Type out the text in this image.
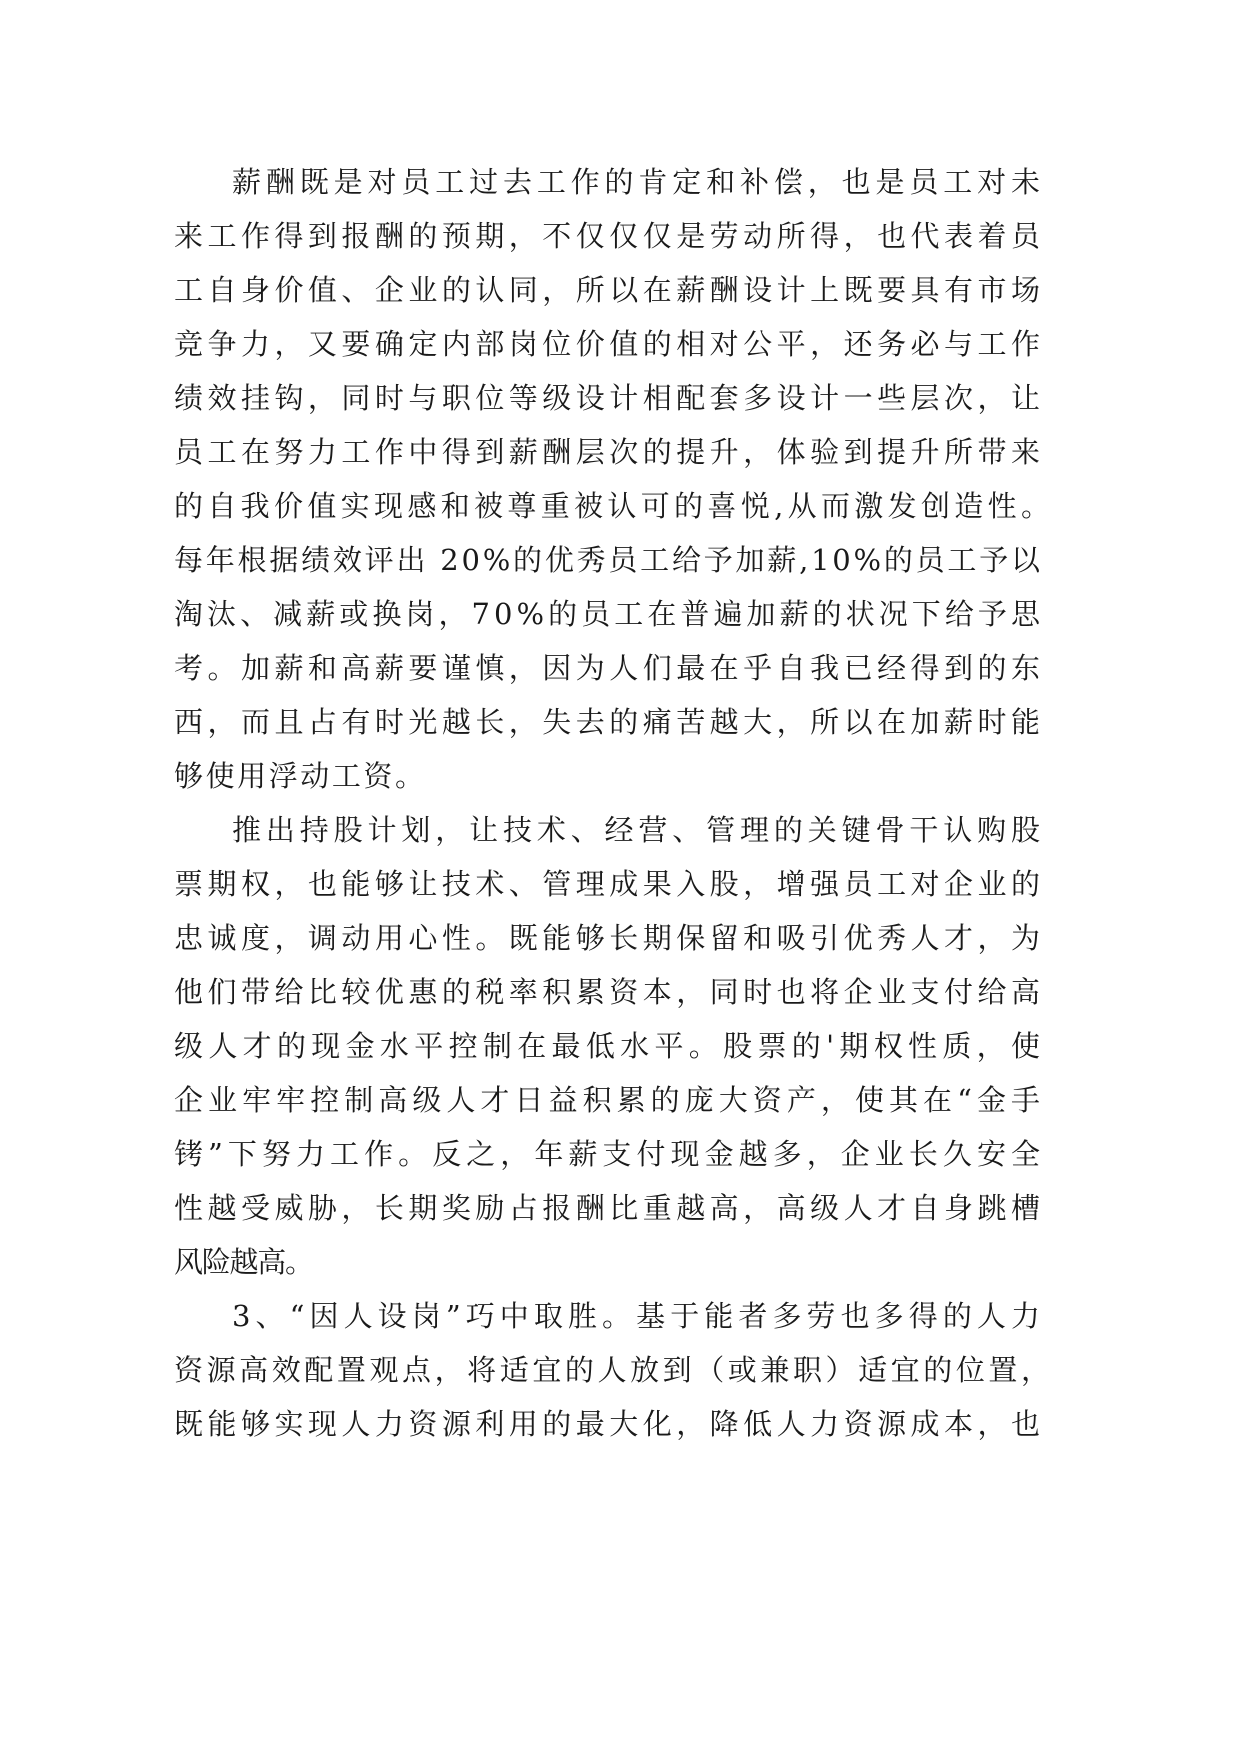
薪酬既是对员工过去工作的肯定和补偿，也是员工对未
来工作得到报酬的预期，不仅仅仅是劳动所得，也代表着员
工自身价值、企业的认同，所以在薪酬设计上既要具有市场
竞争力，又要确定内部岗位价值的相对公平，还务必与工作
绩效挂钩，同时与职位等级设计相配套多设计一些层次，让
员工在努力工作中得到薪酬层次的提升，体验到提升所带来
的自我价值实现感和被尊重被认可的喜悦,从而激发创造性。
每年根据绩效评出 20%的优秀员工给予加薪,10%的员工予以
淘汰、减薪或换岗，70%的员工在普遍加薪的状况下给予思
考。加薪和高薪要谨慎，因为人们最在乎自我已经得到的东
西，而且占有时光越长，失去的痛苦越大，所以在加薪时能
够使用浮动工资。
推出持股计划，让技术、经营、管理的关键骨干认购股
票期权，也能够让技术、管理成果入股，增强员工对企业的
忠诚度，调动用心性。既能够长期保留和吸引优秀人才，为
他们带给比较优惠的税率积累资本，同时也将企业支付给高
级人才的现金水平控制在最低水平。股票的'期权性质，使
企业牢牢控制高级人才日益积累的庞大资产，使其在“金手
铐”下努力工作。反之，年薪支付现金越多，企业长久安全
性越受威胁，长期奖励占报酬比重越高，高级人才自身跳槽
风险越高。
3、“因人设岗”巧中取胜。基于能者多劳也多得的人力
资源高效配置观点，将适宜的人放到（或兼职）适宜的位置，
既能够实现人力资源利用的最大化，降低人力资源成本，也
